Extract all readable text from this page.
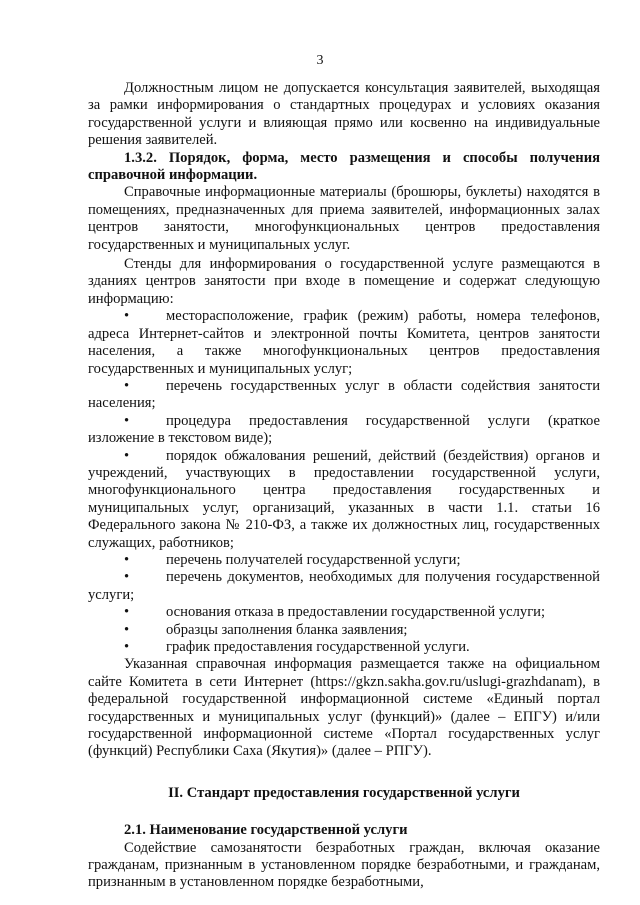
3

Должностным лицом не допускается консультация заявителей, выходящая за рамки информирования о стандартных процедурах и условиях оказания государственной услуги и влияющая прямо или косвенно на индивидуальные решения заявителей.

1.3.2. Порядок, форма, место размещения и способы получения справочной информации.

Справочные информационные материалы (брошюры, буклеты) находятся в помещениях, предназначенных для приема заявителей, информационных залах центров занятости, многофункциональных центров предоставления государственных и муниципальных услуг.

Стенды для информирования о государственной услуге размещаются в зданиях центров занятости при входе в помещение и содержат следующую информацию:

•	месторасположение, график (режим) работы, номера телефонов, адреса Интернет-сайтов и электронной почты Комитета, центров занятости населения, а также многофункциональных центров предоставления государственных и муниципальных услуг;
•	перечень государственных услуг в области содействия занятости населения;
•	процедура предоставления государственной услуги (краткое изложение в текстовом виде);
•	порядок обжалования решений, действий (бездействия) органов и учреждений, участвующих в предоставлении государственной услуги, многофункционального центра предоставления государственных и муниципальных услуг, организаций, указанных в части 1.1. статьи 16 Федерального закона № 210-ФЗ, а также их должностных лиц, государственных служащих, работников;
•	перечень получателей государственной услуги;
•	перечень документов, необходимых для получения государственной услуги;
•	основания отказа в предоставлении государственной услуги;
•	образцы заполнения бланка заявления;
•	график предоставления государственной услуги.

Указанная справочная информация размещается также на официальном сайте Комитета в сети Интернет (https://gkzn.sakha.gov.ru/uslugi-grazhdanam), в федеральной государственной информационной системе «Единый портал государственных и муниципальных услуг (функций)» (далее – ЕПГУ) и/или государственной информационной системе «Портал государственных услуг (функций) Республики Саха (Якутия)» (далее – РПГУ).

II. Стандарт предоставления государственной услуги

2.1. Наименование государственной услуги

Содействие самозанятости безработных граждан, включая оказание гражданам, признанным в установленном порядке безработными, и гражданам, признанным в установленном порядке безработными,
